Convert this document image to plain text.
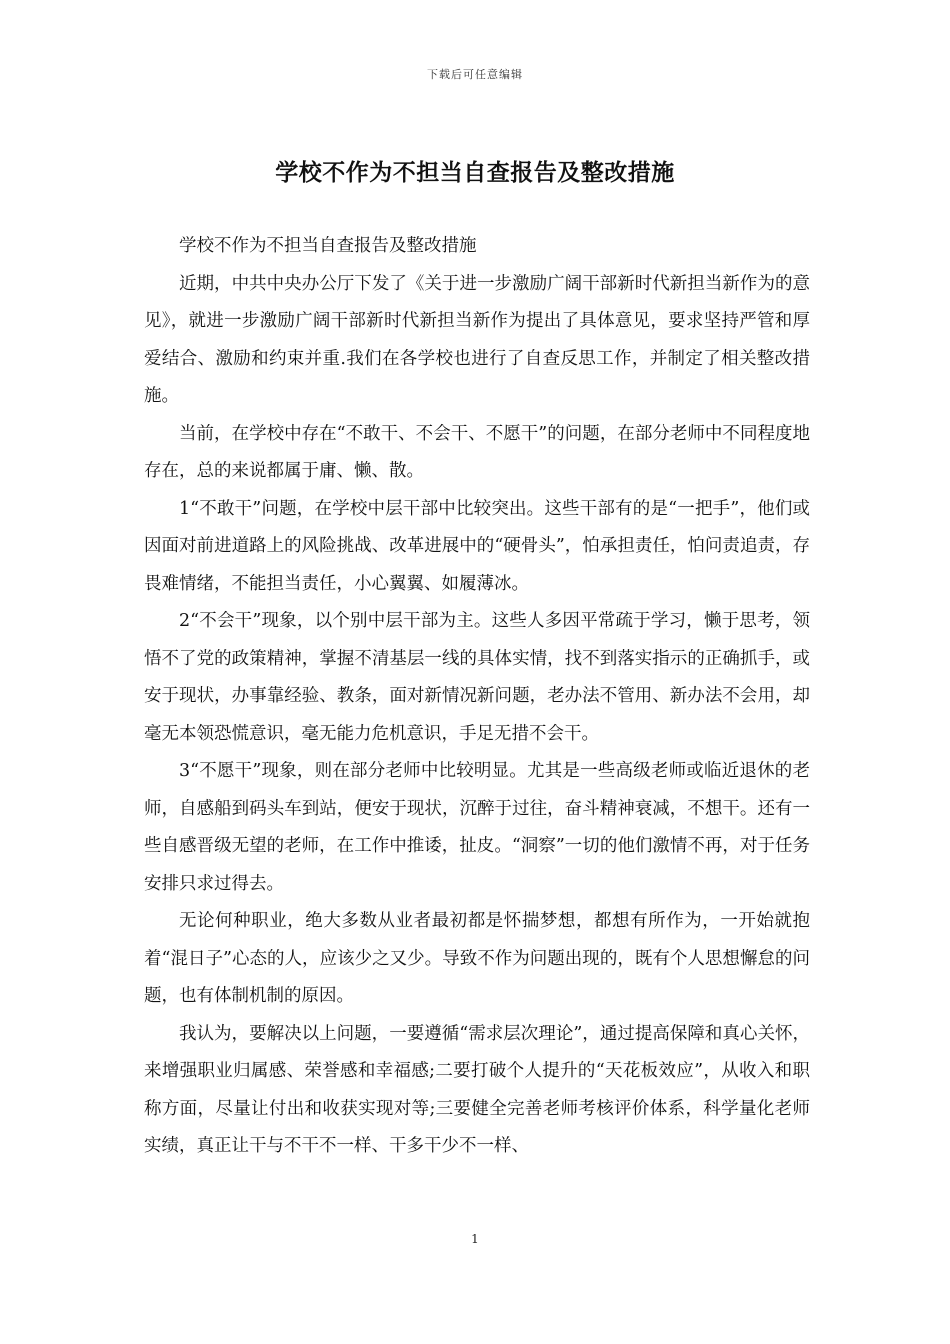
下载后可任意编辑
学校不作为不担当自查报告及整改措施

学校不作为不担当自查报告及整改措施

近期，中共中央办公厅下发了《关于进一步激励广阔干部新时代新担当新作为的意见》，就进一步激励广阔干部新时代新担当新作为提出了具体意见，要求坚持严管和厚爱结合、激励和约束并重.我们在各学校也进行了自查反思工作，并制定了相关整改措施。

当前，在学校中存在“不敢干、不会干、不愿干”的问题，在部分老师中不同程度地存在，总的来说都属于庸、懒、散。

1“不敢干”问题，在学校中层干部中比较突出。这些干部有的是“一把手”，他们或因面对前进道路上的风险挑战、改革进展中的“硬骨头”，怕承担责任，怕问责追责，存畏难情绪，不能担当责任，小心翼翼、如履薄冰。

2“不会干”现象，以个别中层干部为主。这些人多因平常疏于学习，懒于思考，领悟不了党的政策精神，掌握不清基层一线的具体实情，找不到落实指示的正确抓手，或安于现状，办事靠经验、教条，面对新情况新问题，老办法不管用、新办法不会用，却毫无本领恐慌意识，毫无能力危机意识，手足无措不会干。

3“不愿干”现象，则在部分老师中比较明显。尤其是一些高级老师或临近退休的老师，自感船到码头车到站，便安于现状，沉醉于过往，奋斗精神衰减，不想干。还有一些自感晋级无望的老师，在工作中推诿，扯皮。“洞察”一切的他们激情不再，对于任务安排只求过得去。

无论何种职业，绝大多数从业者最初都是怀揣梦想，都想有所作为，一开始就抱着“混日子”心态的人，应该少之又少。导致不作为问题出现的，既有个人思想懈怠的问题，也有体制机制的原因。

我认为，要解决以上问题，一要遵循“需求层次理论”，通过提高保障和真心关怀，来增强职业归属感、荣誉感和幸福感;二要打破个人提升的“天花板效应”，从收入和职称方面，尽量让付出和收获实现对等;三要健全完善老师考核评价体系，科学量化老师实绩，真正让干与不干不一样、干多干少不一样、

1
